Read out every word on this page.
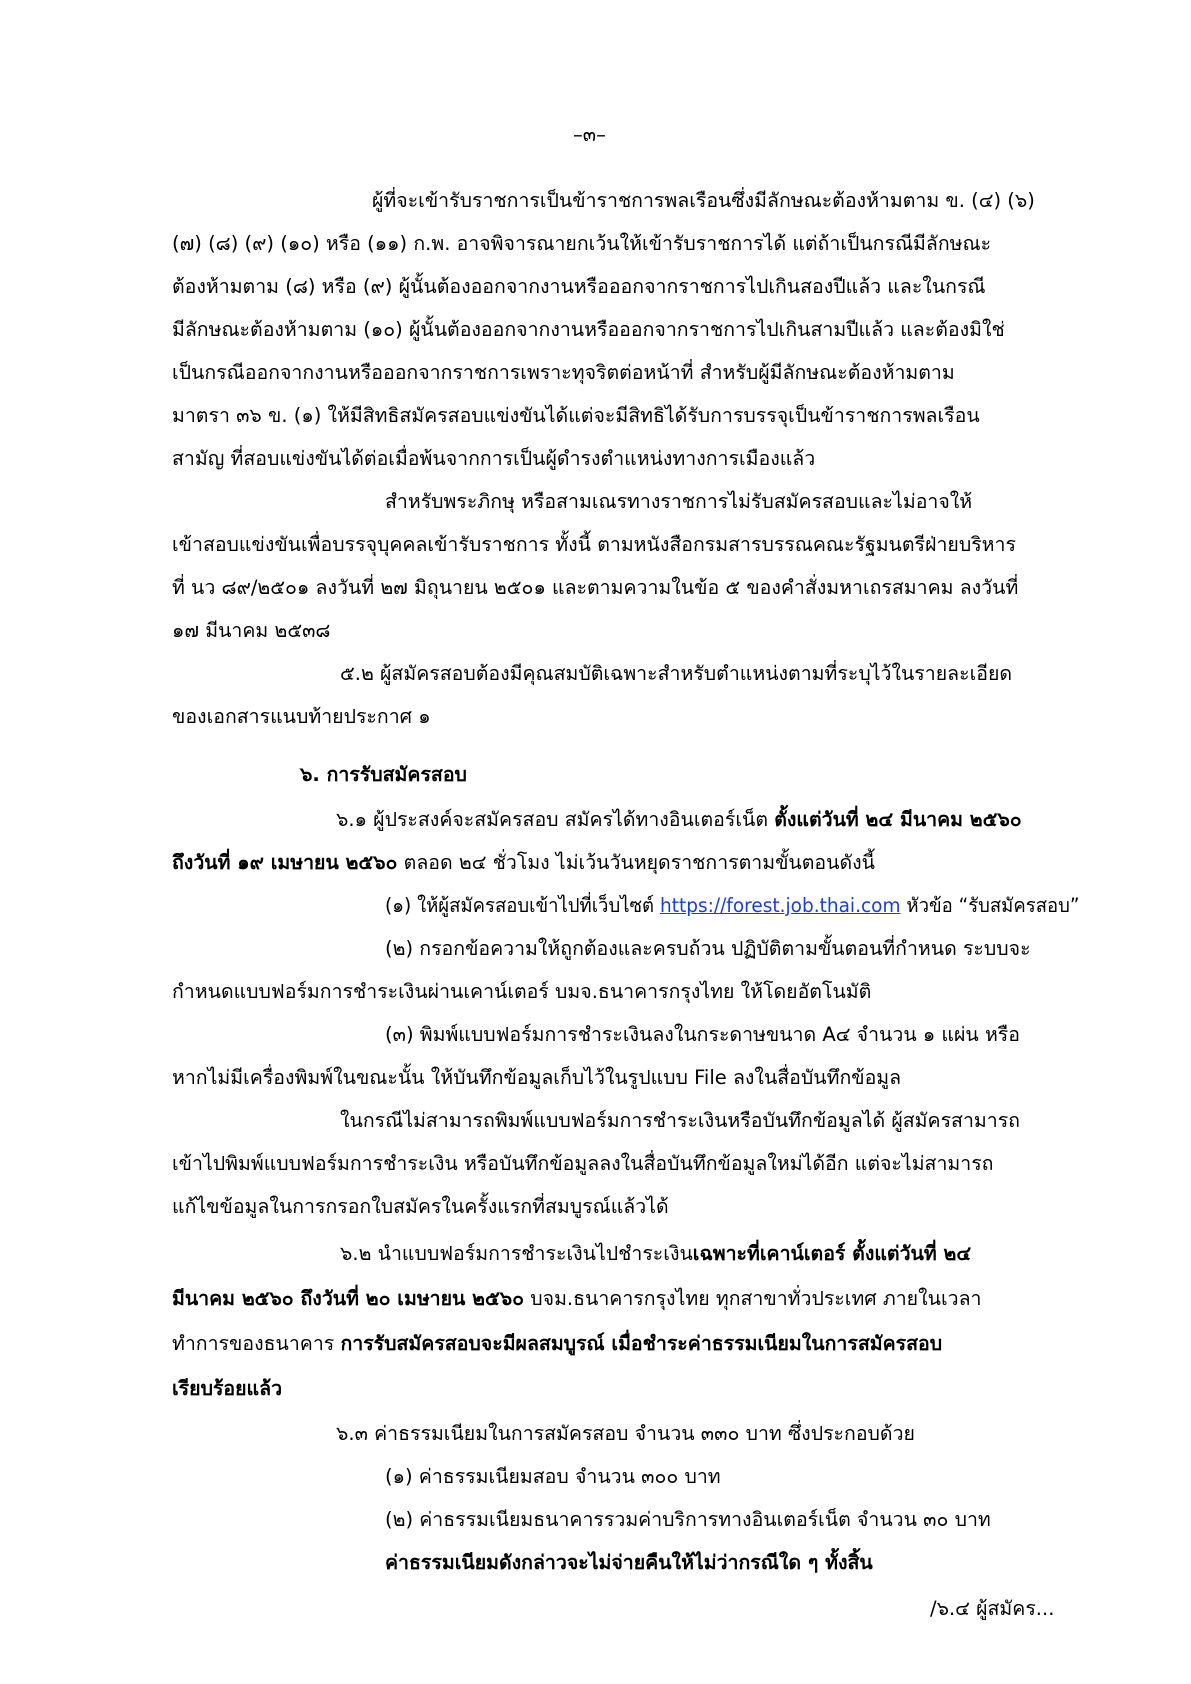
–๓–
ผู้ที่จะเข้ารับราชการเป็นข้าราชการพลเรือนซึ่งมีลักษณะต้องห้ามตาม ข. (๔) (๖)
(๗) (๘) (๙) (๑๐) หรือ (๑๑) ก.พ. อาจพิจารณายกเว้นให้เข้ารับราชการได้ แต่ถ้าเป็นกรณีมีลักษณะ
ต้องห้ามตาม (๘) หรือ (๙) ผู้นั้นต้องออกจากงานหรือออกจากราชการไปเกินสองปีแล้ว และในกรณี
มีลักษณะต้องห้ามตาม (๑๐) ผู้นั้นต้องออกจากงานหรือออกจากราชการไปเกินสามปีแล้ว และต้องมิใช่
เป็นกรณีออกจากงานหรือออกจากราชการเพราะทุจริตต่อหน้าที่ สำหรับผู้มีลักษณะต้องห้ามตาม
มาตรา ๓๖ ข. (๑) ให้มีสิทธิสมัครสอบแข่งขันได้แต่จะมีสิทธิได้รับการบรรจุเป็นข้าราชการพลเรือน
สามัญ ที่สอบแข่งขันได้ต่อเมื่อพ้นจากการเป็นผู้ดำรงตำแหน่งทางการเมืองแล้ว
สำหรับพระภิกษุ หรือสามเณรทางราชการไม่รับสมัครสอบและไม่อาจให้
เข้าสอบแข่งขันเพื่อบรรจุบุคคลเข้ารับราชการ ทั้งนี้ ตามหนังสือกรมสารบรรณคณะรัฐมนตรีฝ่ายบริหาร
ที่ นว ๘๙/๒๕๐๑ ลงวันที่ ๒๗ มิถุนายน ๒๕๐๑ และตามความในข้อ ๕ ของคำสั่งมหาเถรสมาคม ลงวันที่
๑๗ มีนาคม ๒๕๓๘
๕.๒ ผู้สมัครสอบต้องมีคุณสมบัติเฉพาะสำหรับตำแหน่งตามที่ระบุไว้ในรายละเอียด
ของเอกสารแนบท้ายประกาศ ๑
๖. การรับสมัครสอบ
๖.๑ ผู้ประสงค์จะสมัครสอบ สมัครได้ทางอินเตอร์เน็ต ตั้งแต่วันที่ ๒๔ มีนาคม ๒๕๖๐
ถึงวันที่ ๑๙ เมษายน ๒๕๖๐ ตลอด ๒๔ ชั่วโมง ไม่เว้นวันหยุดราชการตามขั้นตอนดังนี้
(๑) ให้ผู้สมัครสอบเข้าไปที่เว็บไซต์ https://forest.job.thai.com หัวข้อ “รับสมัครสอบ”
(๒) กรอกข้อความให้ถูกต้องและครบถ้วน ปฏิบัติตามขั้นตอนที่กำหนด ระบบจะ
กำหนดแบบฟอร์มการชำระเงินผ่านเคาน์เตอร์ บมจ.ธนาคารกรุงไทย ให้โดยอัตโนมัติ
(๓) พิมพ์แบบฟอร์มการชำระเงินลงในกระดาษขนาด A๔ จำนวน ๑ แผ่น หรือ
หากไม่มีเครื่องพิมพ์ในขณะนั้น ให้บันทึกข้อมูลเก็บไว้ในรูปแบบ File ลงในสื่อบันทึกข้อมูล
ในกรณีไม่สามารถพิมพ์แบบฟอร์มการชำระเงินหรือบันทึกข้อมูลได้ ผู้สมัครสามารถ
เข้าไปพิมพ์แบบฟอร์มการชำระเงิน หรือบันทึกข้อมูลลงในสื่อบันทึกข้อมูลใหม่ได้อีก แต่จะไม่สามารถ
แก้ไขข้อมูลในการกรอกใบสมัครในครั้งแรกที่สมบูรณ์แล้วได้
๖.๒ นำแบบฟอร์มการชำระเงินไปชำระเงินเฉพาะที่เคาน์เตอร์ ตั้งแต่วันที่ ๒๔
มีนาคม ๒๕๖๐ ถึงวันที่ ๒๐ เมษายน ๒๕๖๐ บจม.ธนาคารกรุงไทย ทุกสาขาทั่วประเทศ ภายในเวลา
ทำการของธนาคาร การรับสมัครสอบจะมีผลสมบูรณ์ เมื่อชำระค่าธรรมเนียมในการสมัครสอบ
เรียบร้อยแล้ว
๖.๓ ค่าธรรมเนียมในการสมัครสอบ จำนวน ๓๓๐ บาท ซึ่งประกอบด้วย
(๑) ค่าธรรมเนียมสอบ จำนวน ๓๐๐ บาท
(๒) ค่าธรรมเนียมธนาคารรวมค่าบริการทางอินเตอร์เน็ต จำนวน ๓๐ บาท
ค่าธรรมเนียมดังกล่าวจะไม่จ่ายคืนให้ไม่ว่ากรณีใด ๆ ทั้งสิ้น
/๖.๔ ผู้สมัคร...
